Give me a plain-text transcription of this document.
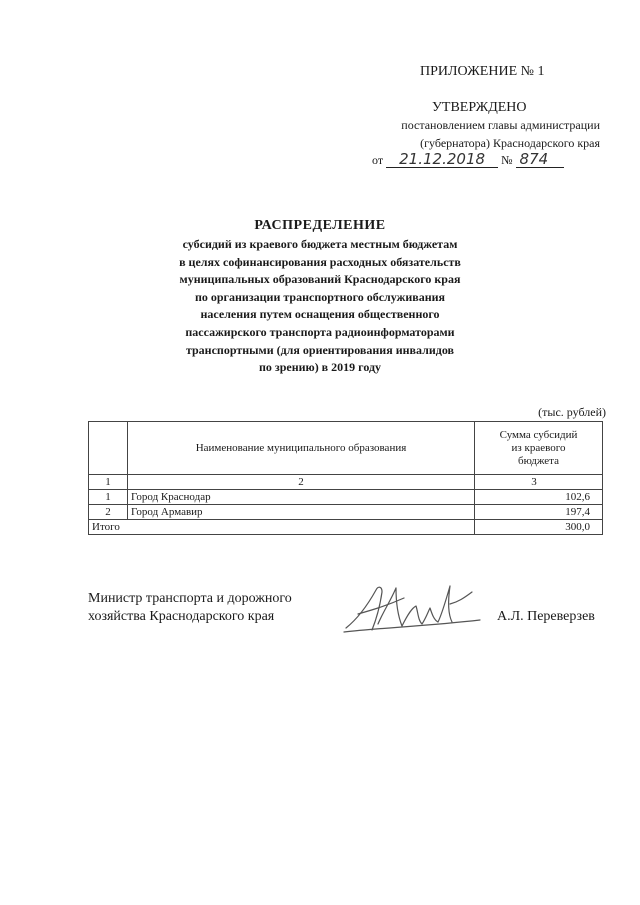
ПРИЛОЖЕНИЕ № 1
УТВЕРЖДЕНО
постановлением главы администрации
(губернатора) Краснодарского края
от 21.12.2018 № 874
РАСПРЕДЕЛЕНИЕ
субсидий из краевого бюджета местным бюджетам
в целях софинансирования расходных обязательств
муниципальных образований Краснодарского края
по организации транспортного обслуживания
населения путем оснащения общественного
пассажирского транспорта радиоинформаторами
транспортными (для ориентирования инвалидов
по зрению) в 2019 году
(тыс. рублей)
	Наименование муниципального образования	Сумма субсидий
из краевого
бюджета

1	2	3
1	Город Краснодар	102,6
2	Город Армавир	197,4
Итого		300,0
Министр транспорта и дорожного
хозяйства Краснодарского края	А.Л. Переверзев
